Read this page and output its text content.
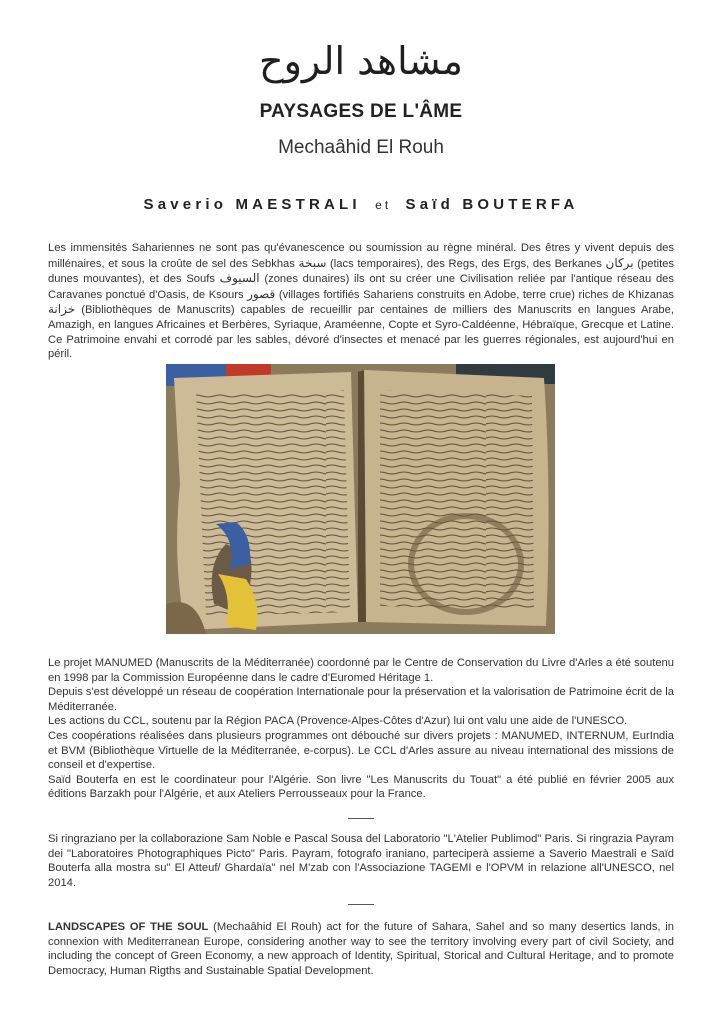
مشاهد الروح
PAYSAGES DE L'ÂME
Mechaâhid El Rouh
Saverio MAESTRALI et Saïd BOUTERFA

Les immensités Sahariennes ne sont pas qu'évanescence ou soumission au règne minéral. Des êtres y vivent depuis des millénaires, et sous la croûte de sel des Sebkhas سبخة (lacs temporaires), des Regs, des Ergs, des Berkanes بركان (petites dunes mouvantes), et des Soufs السيوف (zones dunaires) ils ont su créer une Civilisation reliée par l'antique réseau des Caravanes ponctué d'Oasis, de Ksours قصور (villages fortifiés Sahariens construits en Adobe, terre crue) riches de Khizanas خزانة (Bibliothèques de Manuscrits) capables de recueillir par centaines de milliers des Manuscrits en langues Arabe, Amazigh, en langues Africaines et Berbères, Syriaque, Araméenne, Copte et Syro-Caldéenne, Hébraïque, Grecque et Latine. Ce Patrimoine envahi et corrodé par les sables, dévoré d'insectes et menacé par les guerres régionales, est aujourd'hui en péril.

Le projet MANUMED (Manuscrits de la Méditerranée) coordonné par le Centre de Conservation du Livre d'Arles a été soutenu en 1998 par la Commission Européenne dans le cadre d'Euromed Héritage 1.

Depuis s'est développé un réseau de coopération Internationale pour la préservation et la valorisation de Patrimoine écrit de la Méditerranée.

Les actions du CCL, soutenu par la Région PACA (Provence-Alpes-Côtes d'Azur) lui ont valu une aide de l'UNESCO.

Ces coopérations réalisées dans plusieurs programmes ont débouché sur divers projets : MANUMED, INTERNUM, EurIndia et BVM (Bibliothèque Virtuelle de la Méditerranée, e-corpus). Le CCL d'Arles assure au niveau international des missions de conseil et d'expertise.

Saïd Bouterfa en est le coordinateur pour l'Algérie. Son livre "Les Manuscrits du Touat" a été publié en février 2005 aux éditions Barzakh pour l'Algérie, et aux Ateliers Perrousseaux pour la France.

Si ringraziano per la collaborazione Sam Noble e Pascal Sousa del Laboratorio "L'Atelier Publimod" Paris. Si ringrazia Payram dei "Laboratoires Photographiques Picto" Paris. Payram, fotografo iraniano, parteciperà assieme a Saverio Maestrali e Saïd Bouterfa alla mostra su" El Atteuf/ Ghardaïa" nel M'zab con l'Associazione TAGEMI e l'OPVM in relazione all'UNESCO, nel 2014.

LANDSCAPES OF THE SOUL (Mechaâhid El Rouh) act for the future of Sahara, Sahel and so many desertics lands, in connexion with Mediterranean Europe, considering another way to see the territory involving every part of civil Society, and including the concept of Green Economy, a new approach of Identity, Spiritual, Storical and Cultural Heritage, and to promote Democracy, Human Rigths and Sustainable Spatial Development.
